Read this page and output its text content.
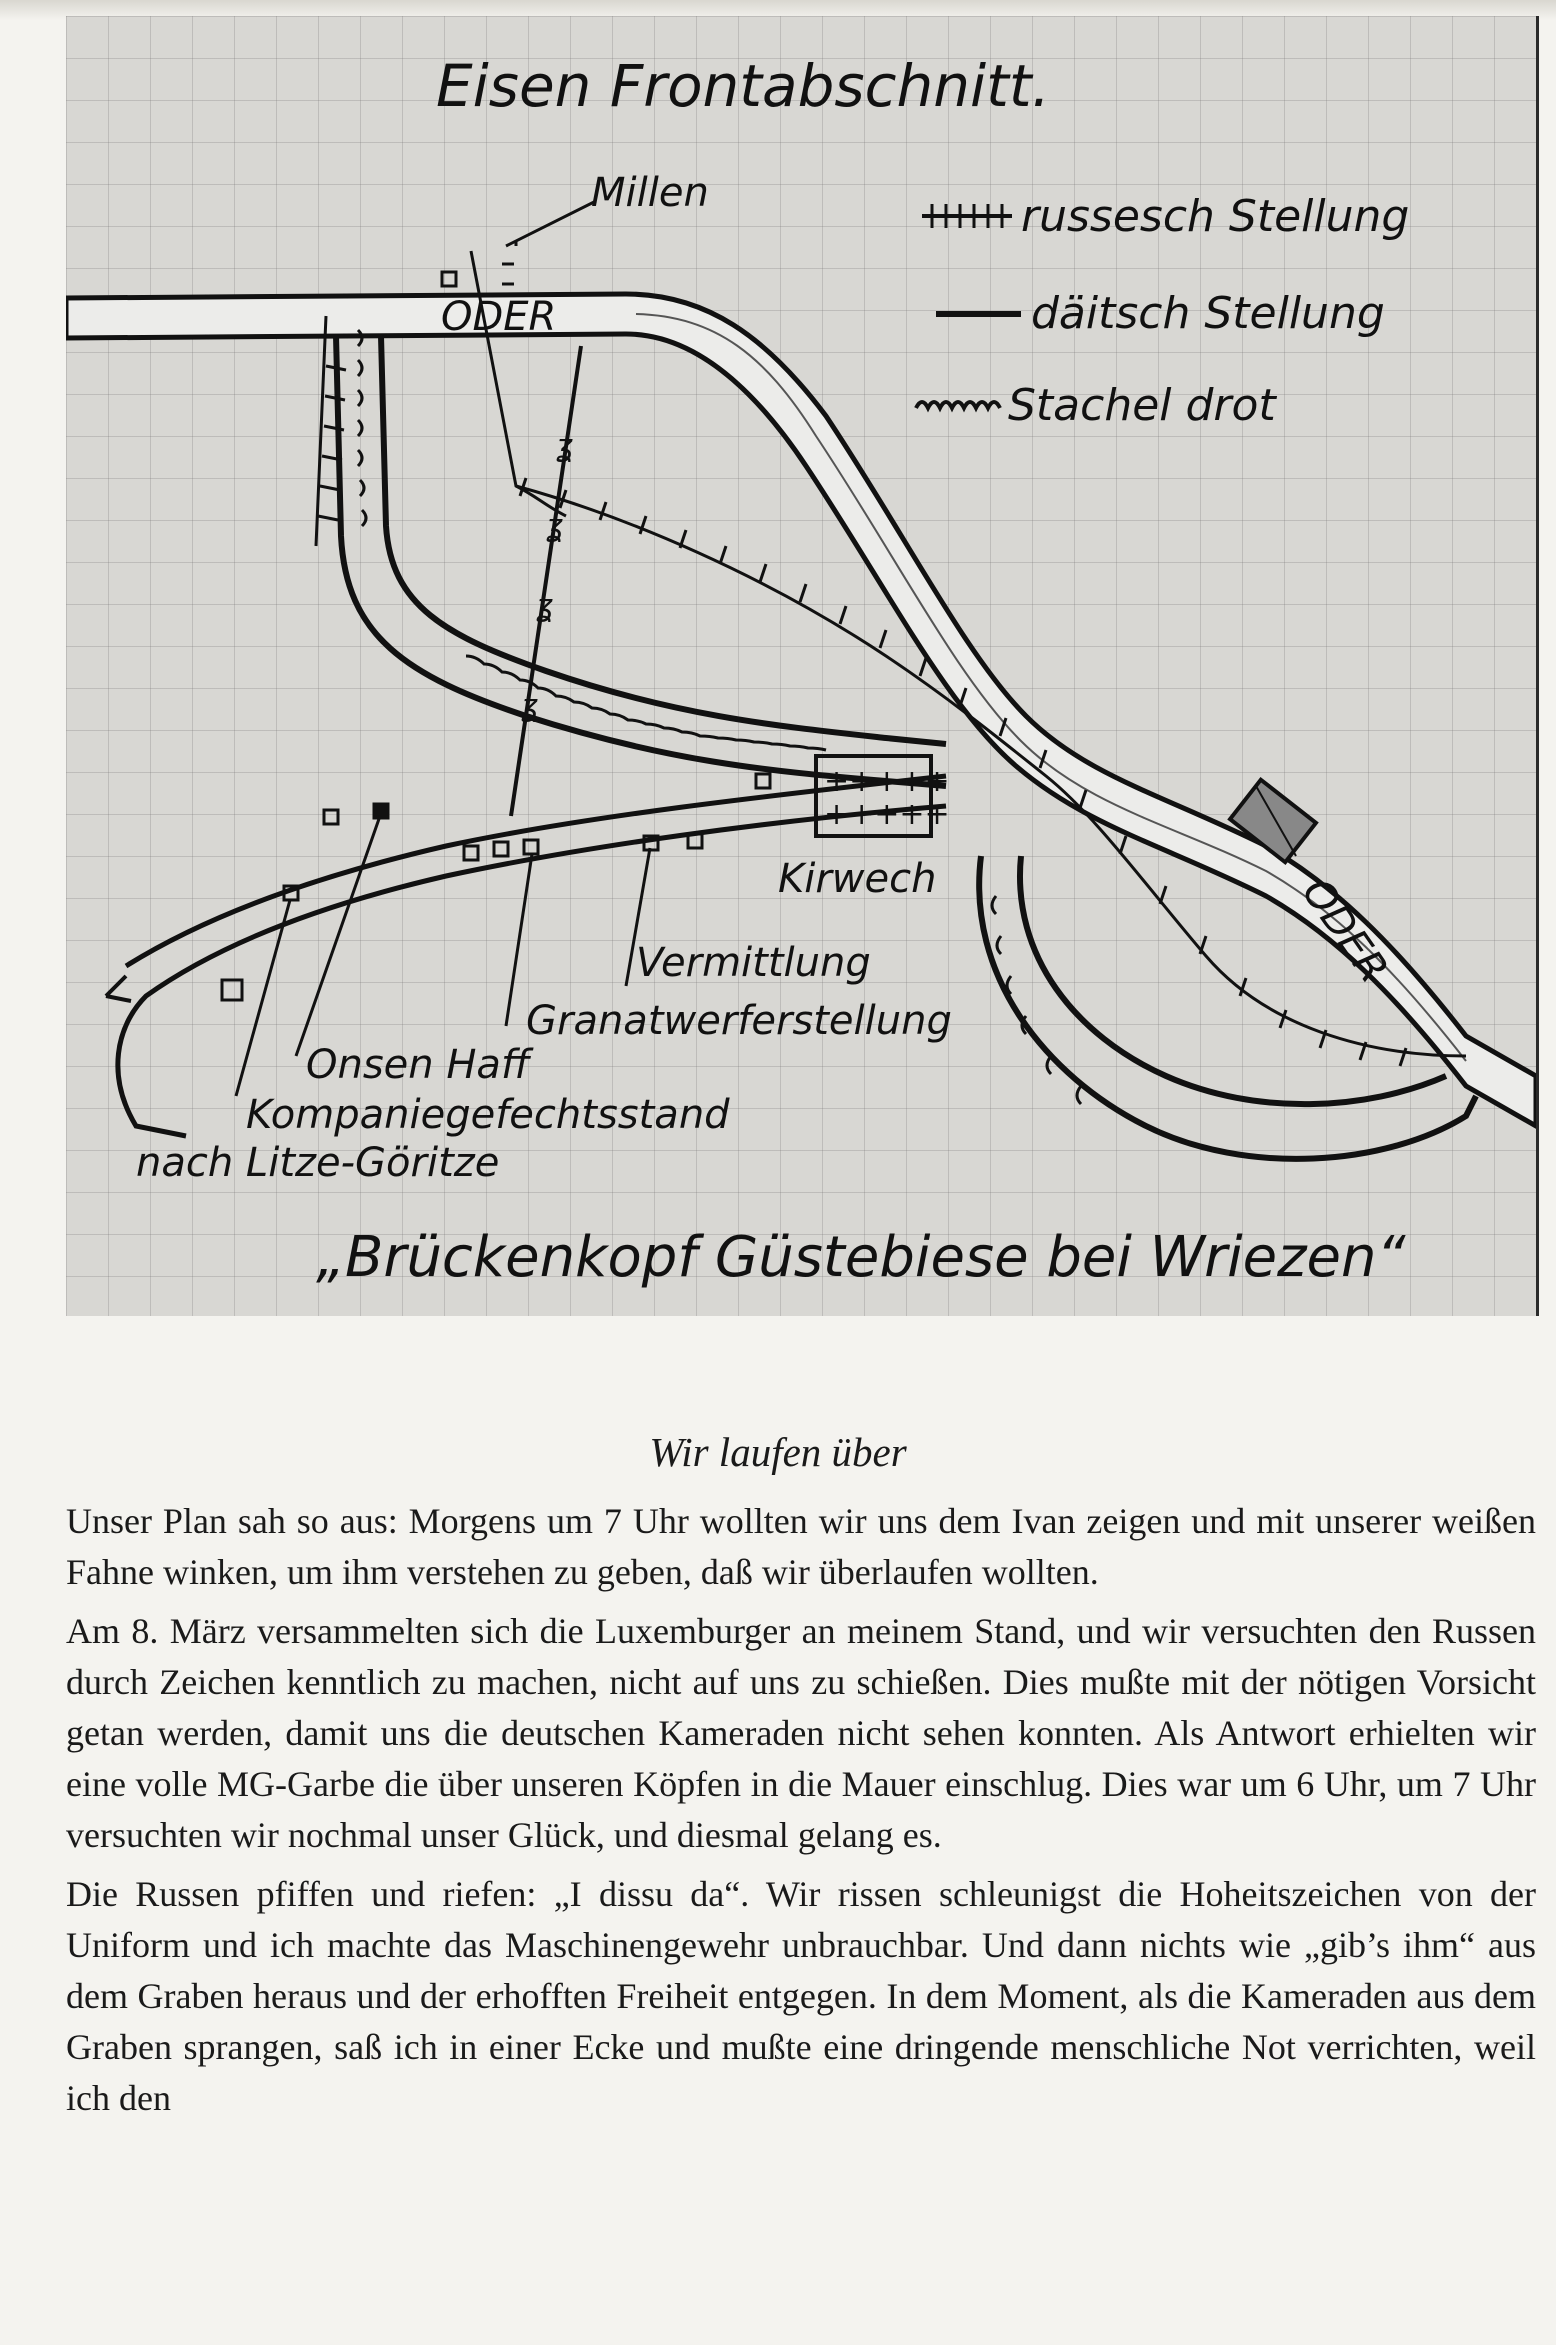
Eisen Frontabschnitt.
russesch Stellung
däitsch Stellung
Stachel drot
ODER
ODER
ʓ
ʓ
ʓ
ʓ
+++++
+++++
Millen
Kirwech
Vermittlung
Granatwerferstellung
Onsen Haff
Kompaniegefechtsstand
nach Litze-Göritze
„Brückenkopf Güstebiese bei Wriezen“
Wir laufen über

Unser Plan sah so aus: Morgens um 7 Uhr wollten wir uns dem Ivan zeigen und mit unserer weißen Fahne winken, um ihm verstehen zu geben, daß wir überlaufen wollten.

Am 8. März versammelten sich die Luxemburger an meinem Stand, und wir versuchten den Russen durch Zeichen kenntlich zu machen, nicht auf uns zu schießen. Dies mußte mit der nötigen Vorsicht getan werden, damit uns die deutschen Kameraden nicht sehen konnten. Als Antwort erhielten wir eine volle MG-Garbe die über unseren Köpfen in die Mauer einschlug. Dies war um 6 Uhr, um 7 Uhr versuchten wir nochmal unser Glück, und diesmal gelang es.

Die Russen pfiffen und riefen: „I dissu da“. Wir rissen schleunigst die Hoheitszeichen von der Uniform und ich machte das Maschinengewehr unbrauchbar. Und dann nichts wie „gib’s ihm“ aus dem Graben heraus und der erhofften Freiheit entgegen. In dem Moment, als die Kameraden aus dem Graben sprangen, saß ich in einer Ecke und mußte eine dringende menschliche Not verrichten, weil ich den
